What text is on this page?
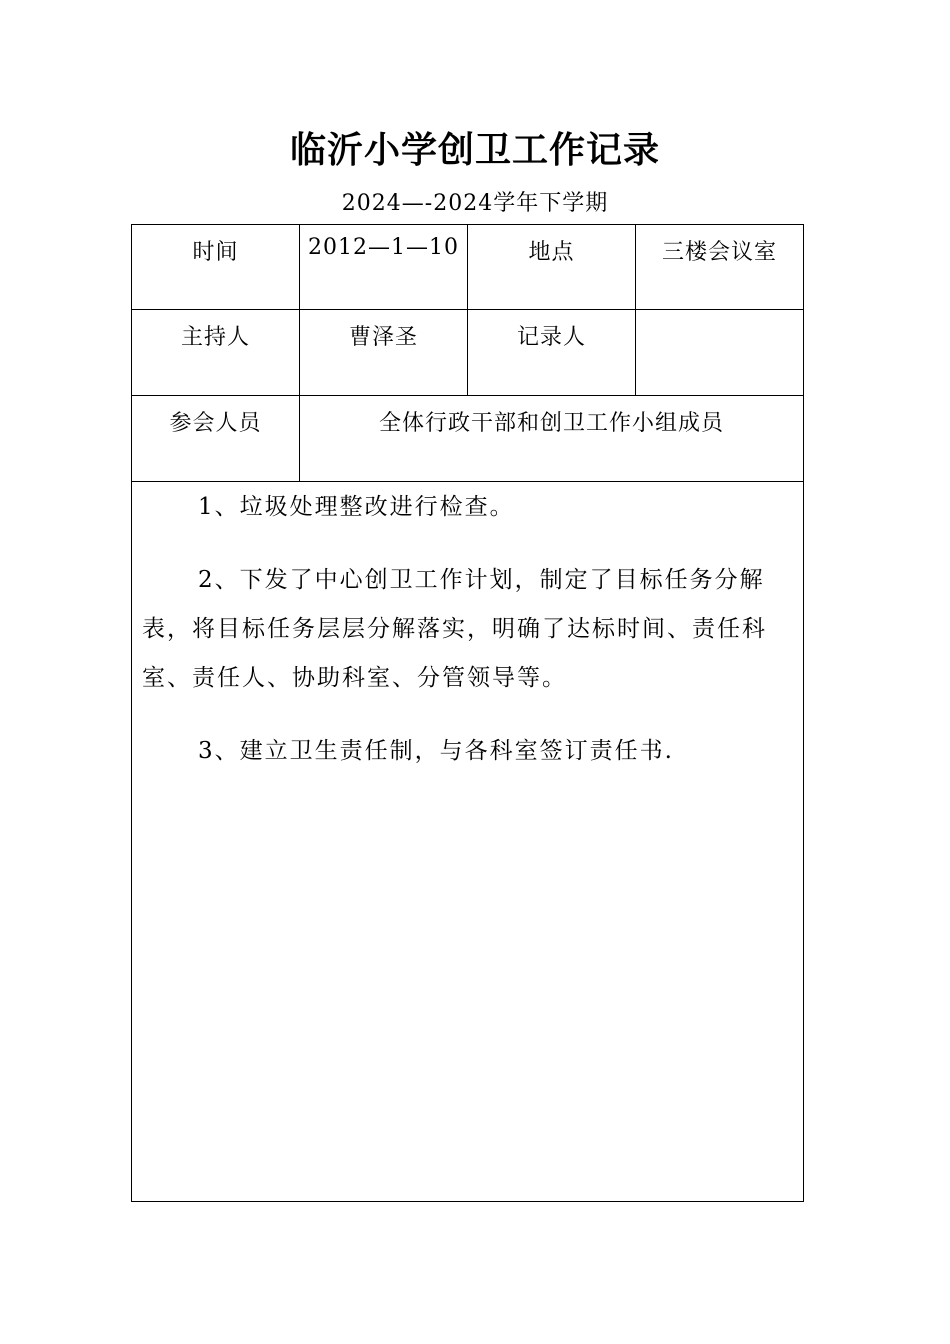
临沂小学创卫工作记录
2024—-2024学年下学期
时间	2012—1—10	地点	三楼会议室
主持人	曹泽圣	记录人	
参会人员	全体行政干部和创卫工作小组成员		

1、垃圾处理整改进行检查。

2、下发了中心创卫工作计划，制定了目标任务分解表，将目标任务层层分解落实，明确了达标时间、责任科室、责任人、协助科室、分管领导等。

3、建立卫生责任制，与各科室签订责任书.			
